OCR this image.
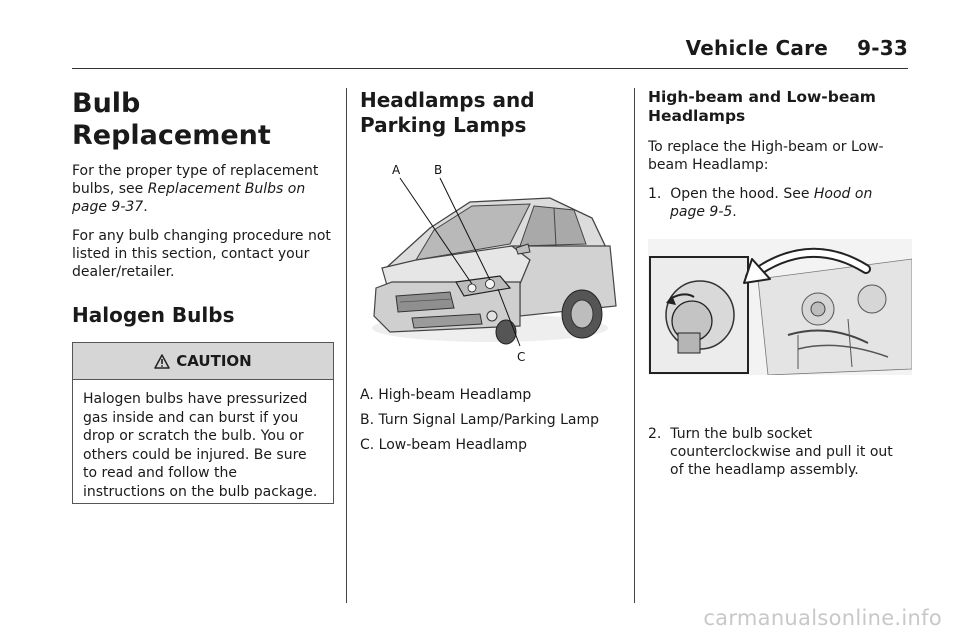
Vehicle Care 9-33
Bulb Replacement

For the proper type of replacement bulbs, see Replacement Bulbs on page 9-37.

For any bulb changing procedure not listed in this section, contact your dealer/retailer.

Halogen Bulbs
CAUTION
Halogen bulbs have pressurized gas inside and can burst if you drop or scratch the bulb. You or others could be injured. Be sure to read and follow the instructions on the bulb package.
Headlamps and Parking Lamps
A	B
C

A. High-beam Headlamp

B. Turn Signal Lamp/Parking Lamp

C. Low-beam Headlamp

High-beam and Low-beam Headlamps

To replace the High-beam or Low-beam Headlamp:

1. Open the hood. See Hood on page 9-5.

2. Turn the bulb socket counterclockwise and pull it out of the headlamp assembly.

carmanualsonline.info
